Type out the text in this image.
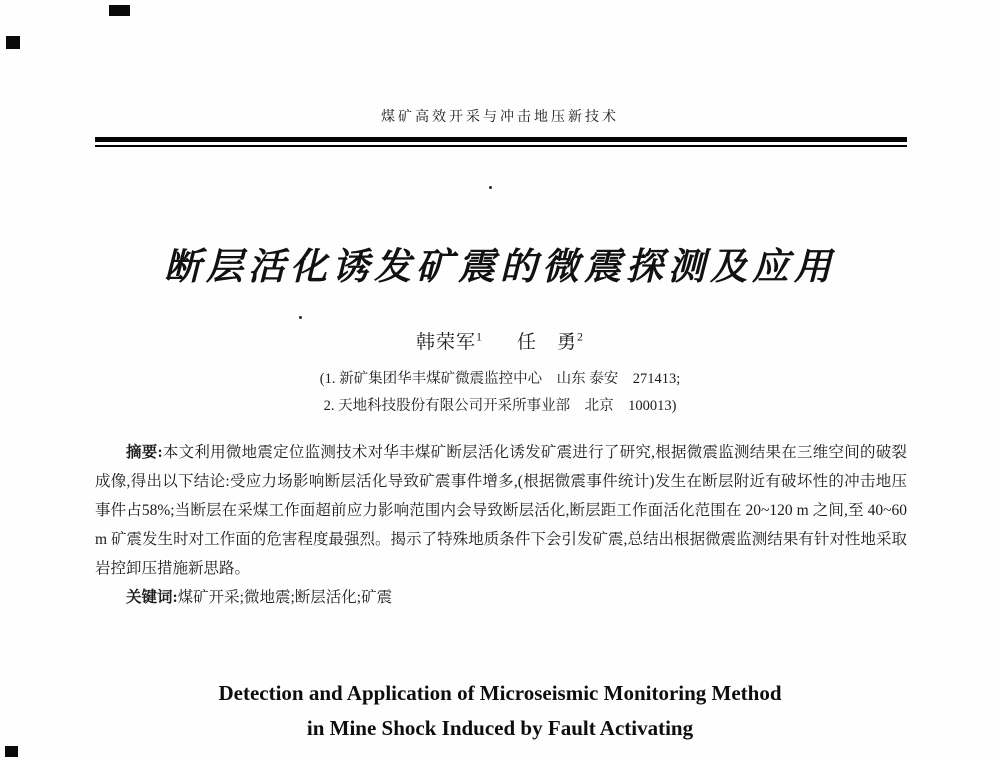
煤矿高效开采与冲击地压新技术
断层活化诱发矿震的微震探测及应用
韩荣军$^1$ 任　勇$^2$
(1. 新矿集团华丰煤矿微震监控中心　山东 泰安　271413;
2. 天地科技股份有限公司开采所事业部　北京　100013)

摘要:本文利用微地震定位监测技术对华丰煤矿断层活化诱发矿震进行了研究,根据微震监测结果在三维空间的破裂成像,得出以下结论:受应力场影响断层活化导致矿震事件增多,(根据微震事件统计)发生在断层附近有破坏性的冲击地压事件占58%;当断层在采煤工作面超前应力影响范围内会导致断层活化,断层距工作面活化范围在 20~120 m 之间,至 40~60 m 矿震发生时对工作面的危害程度最强烈。揭示了特殊地质条件下会引发矿震,总结出根据微震监测结果有针对性地采取岩控卸压措施新思路。

关键词:煤矿开采;微地震;断层活化;矿震

Detection and Application of Microseismic Monitoring Method
in Mine Shock Induced by Fault Activating
